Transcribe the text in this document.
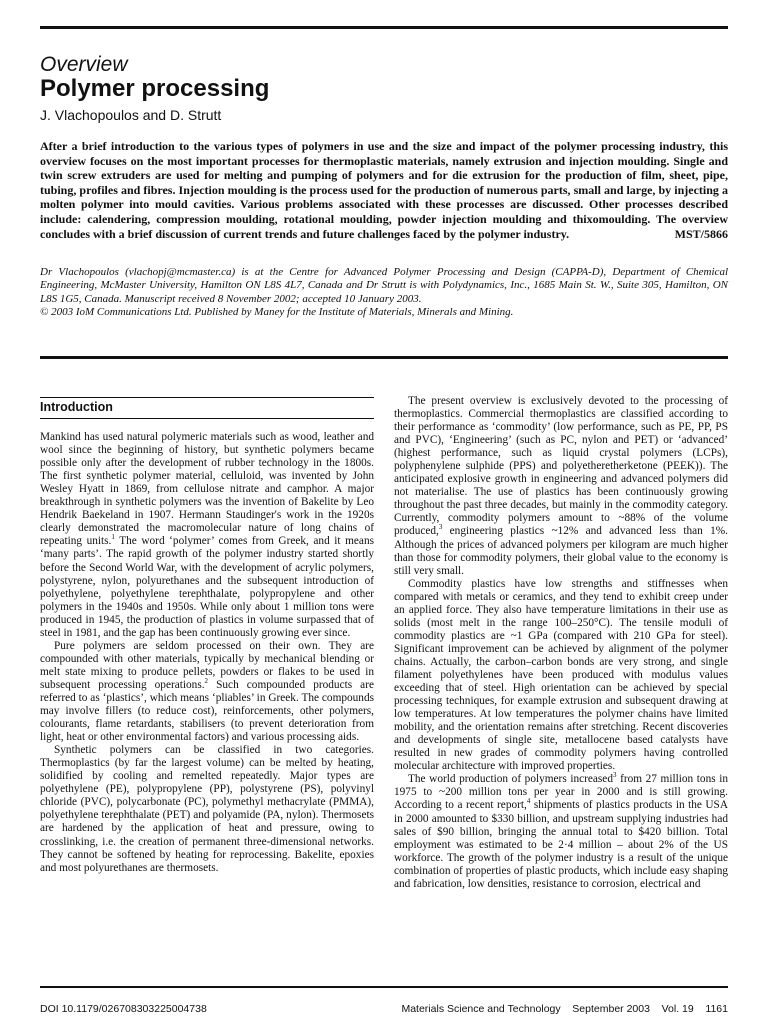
Overview
Polymer processing
J. Vlachopoulos and D. Strutt
After a brief introduction to the various types of polymers in use and the size and impact of the polymer processing industry, this overview focuses on the most important processes for thermoplastic materials, namely extrusion and injection moulding. Single and twin screw extruders are used for melting and pumping of polymers and for die extrusion for the production of film, sheet, pipe, tubing, profiles and fibres. Injection moulding is the process used for the production of numerous parts, small and large, by injecting a molten polymer into mould cavities. Various problems associated with these processes are discussed. Other processes described include: calendering, compression moulding, rotational moulding, powder injection moulding and thixomoulding. The overview concludes with a brief discussion of current trends and future challenges faced by the polymer industry.	MST/5866
Dr Vlachopoulos (vlachopj@mcmaster.ca) is at the Centre for Advanced Polymer Processing and Design (CAPPA-D), Department of Chemical Engineering, McMaster University, Hamilton ON L8S 4L7, Canada and Dr Strutt is with Polydynamics, Inc., 1685 Main St. W., Suite 305, Hamilton, ON L8S 1G5, Canada. Manuscript received 8 November 2002; accepted 10 January 2003.
© 2003 IoM Communications Ltd. Published by Maney for the Institute of Materials, Minerals and Mining.
Introduction

Mankind has used natural polymeric materials such as wood, leather and wool since the beginning of history, but synthetic polymers became possible only after the development of rubber technology in the 1800s. The first synthetic polymer material, celluloid, was invented by John Wesley Hyatt in 1869, from cellulose nitrate and camphor. A major breakthrough in synthetic polymers was the invention of Bakelite by Leo Hendrik Baekeland in 1907. Hermann Staudinger's work in the 1920s clearly demonstrated the macromolecular nature of long chains of repeating units.$^1$ The word ‘polymer’ comes from Greek, and it means ‘many parts’. The rapid growth of the polymer industry started shortly before the Second World War, with the development of acrylic polymers, polystyrene, nylon, polyurethanes and the subsequent introduction of polyethylene, polyethylene terephthalate, polypropylene and other polymers in the 1940s and 1950s. While only about 1 million tons were produced in 1945, the production of plastics in volume surpassed that of steel in 1981, and the gap has been continuously growing ever since.

Pure polymers are seldom processed on their own. They are compounded with other materials, typically by mechanical blending or melt state mixing to produce pellets, powders or flakes to be used in subsequent processing operations.$^2$ Such compounded products are referred to as ‘plastics’, which means ‘pliables’ in Greek. The compounds may involve fillers (to reduce cost), reinforcements, other polymers, colourants, flame retardants, stabilisers (to prevent deterioration from light, heat or other environmental factors) and various processing aids.

Synthetic polymers can be classified in two categories. Thermoplastics (by far the largest volume) can be melted by heating, solidified by cooling and remelted repeatedly. Major types are polyethylene (PE), polypropylene (PP), polystyrene (PS), polyvinyl chloride (PVC), polycarbonate (PC), polymethyl methacrylate (PMMA), polyethylene terephthalate (PET) and polyamide (PA, nylon). Thermosets are hardened by the application of heat and pressure, owing to crosslinking, i.e. the creation of permanent three-dimensional networks. They cannot be softened by heating for reprocessing. Bakelite, epoxies and most polyurethanes are thermosets.

The present overview is exclusively devoted to the processing of thermoplastics. Commercial thermoplastics are classified according to their performance as ‘commodity’ (low performance, such as PE, PP, PS and PVC), ‘Engineering’ (such as PC, nylon and PET) or ‘advanced’ (highest performance, such as liquid crystal polymers (LCPs), polyphenylene sulphide (PPS) and polyetheretherketone (PEEK)). The anticipated explosive growth in engineering and advanced polymers did not materialise. The use of plastics has been continuously growing throughout the past three decades, but mainly in the commodity category. Currently, commodity polymers amount to ~88% of the volume produced,$^3$ engineering plastics ~12% and advanced less than 1%. Although the prices of advanced polymers per kilogram are much higher than those for commodity polymers, their global value to the economy is still very small.

Commodity plastics have low strengths and stiffnesses when compared with metals or ceramics, and they tend to exhibit creep under an applied force. They also have temperature limitations in their use as solids (most melt in the range 100–250°C). The tensile moduli of commodity plastics are ~1 GPa (compared with 210 GPa for steel). Significant improvement can be achieved by alignment of the polymer chains. Actually, the carbon–carbon bonds are very strong, and single filament polyethylenes have been produced with modulus values exceeding that of steel. High orientation can be achieved by special processing techniques, for example extrusion and subsequent drawing at low temperatures. At low temperatures the polymer chains have limited mobility, and the orientation remains after stretching. Recent discoveries and developments of single site, metallocene based catalysts have resulted in new grades of commodity polymers having controlled molecular architecture with improved properties.

The world production of polymers increased$^3$ from 27 million tons in 1975 to ~200 million tons per year in 2000 and is still growing. According to a recent report,$^4$ shipments of plastics products in the USA in 2000 amounted to $330 billion, and upstream supplying industries had sales of $90 billion, bringing the annual total to $420 billion. Total employment was estimated to be 2·4 million – about 2% of the US workforce. The growth of the polymer industry is a result of the unique combination of properties of plastic products, which include easy shaping and fabrication, low densities, resistance to corrosion, electrical and

DOI 10.1179/026708303225004738	Materials Science and Technology September 2003 Vol. 19 1161
